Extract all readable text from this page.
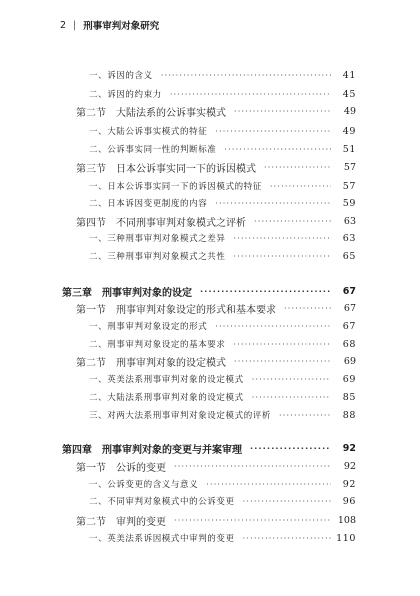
2 | 刑事审判对象研究
一、诉因的含义 ·····	41
二、诉因的约束力 ·····	45
第二节　大陆法系的公诉事实模式 ·····	49
一、大陆公诉事实模式的特征 ·····	49
二、公诉事实同一性的判断标准 ·····	51
第三节　日本公诉事实同一下的诉因模式 ·····	57
一、日本公诉事实同一下的诉因模式的特征 ·····	57
二、日本诉因变更制度的内容 ·····	59
第四节　不同刑事审判对象模式之评析 ·····	63
一、三种刑事审判对象模式之差异 ·····	63
二、三种刑事审判对象模式之共性 ·····	65
第三章　刑事审判对象的设定 ·····	67
第一节　刑事审判对象设定的形式和基本要求 ·····	67
一、刑事审判对象设定的形式 ·····	67
二、刑事审判对象设定的基本要求 ·····	68
第二节　刑事审判对象的设定模式 ·····	69
一、英美法系刑事审判对象的设定模式 ·····	69
二、大陆法系刑事审判对象的设定模式 ·····	85
三、对两大法系刑事审判对象设定模式的评析 ·····	88
第四章　刑事审判对象的变更与并案审理 ·····	92
第一节　公诉的变更 ·····	92
一、公诉变更的含义与意义 ·····	92
二、不同审判对象模式中的公诉变更 ·····	96
第二节　审判的变更 ·····	108
一、英美法系诉因模式中审判的变更 ·····	110
